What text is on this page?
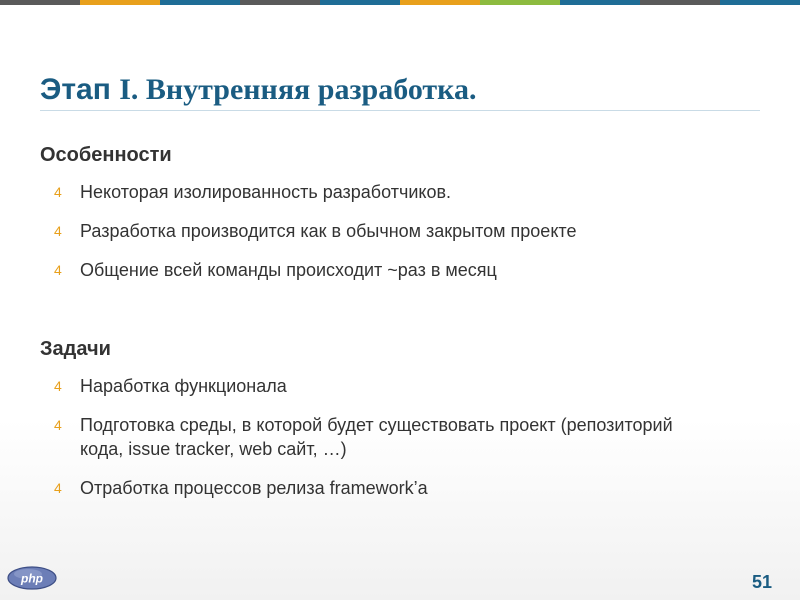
Этап I. Внутренняя разработка.
Особенности
4 Некоторая изолированность разработчиков.
4 Разработка производится как в обычном закрытом проекте
4 Общение всей команды происходит ~раз в месяц
Задачи
4 Наработка функционала
4 Подготовка среды, в которой будет существовать проект (репозиторий кода, issue tracker, web сайт, …)
4 Отработка процессов релиза framework’a
php	51
